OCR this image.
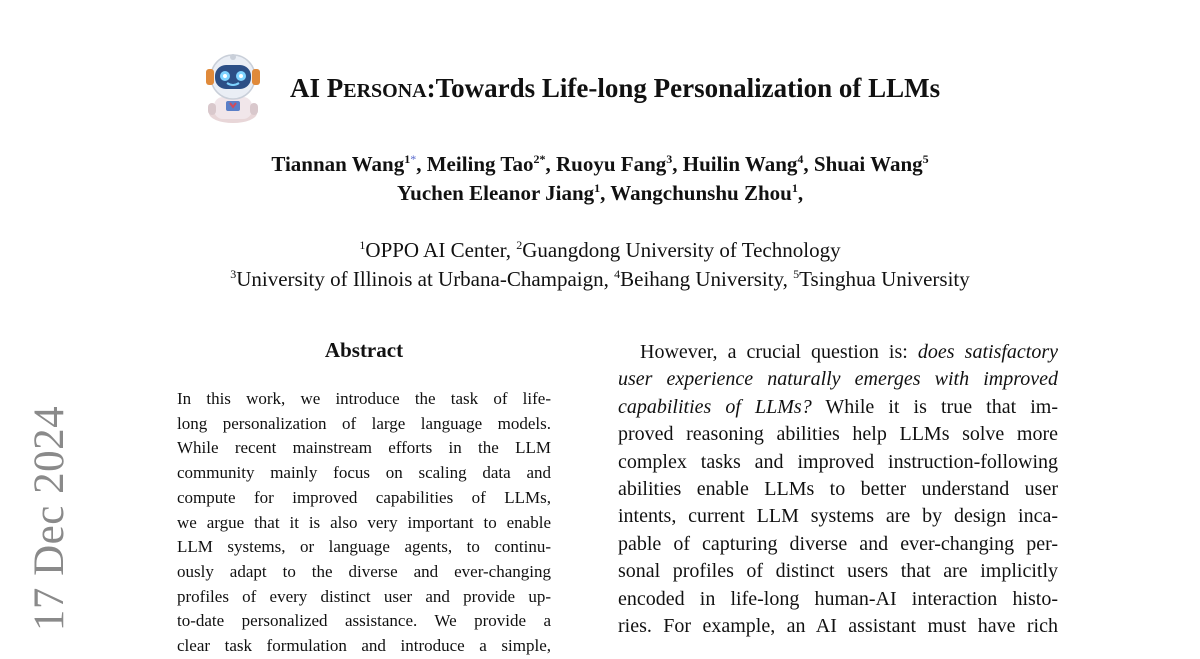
17 Dec 2024
AI PERSONA:Towards Life-long Personalization of LLMs
Tiannan Wang$^{1*}$, Meiling Tao$^{2*}$, Ruoyu Fang$^3$, Huilin Wang$^4$, Shuai Wang$^5$
Yuchen Eleanor Jiang$^1$, Wangchunshu Zhou$^1$,
$^1$OPPO AI Center, $^2$Guangdong University of Technology
$^3$University of Illinois at Urbana-Champaign, $^4$Beihang University, $^5$Tsinghua University
Abstract
In this work, we introduce the task of life-
long personalization of large language models.
While recent mainstream efforts in the LLM
community mainly focus on scaling data and
compute for improved capabilities of LLMs,
we argue that it is also very important to enable
LLM systems, or language agents, to continu-
ously adapt to the diverse and ever-changing
profiles of every distinct user and provide up-
to-date personalized assistance. We provide a
clear task formulation and introduce a simple,
However, a crucial question is: does satisfactory
user experience naturally emerges with improved
capabilities of LLMs? While it is true that im-
proved reasoning abilities help LLMs solve more
complex tasks and improved instruction-following
abilities enable LLMs to better understand user
intents, current LLM systems are by design inca-
pable of capturing diverse and ever-changing per-
sonal profiles of distinct users that are implicitly
encoded in life-long human-AI interaction histo-
ries. For example, an AI assistant must have rich
